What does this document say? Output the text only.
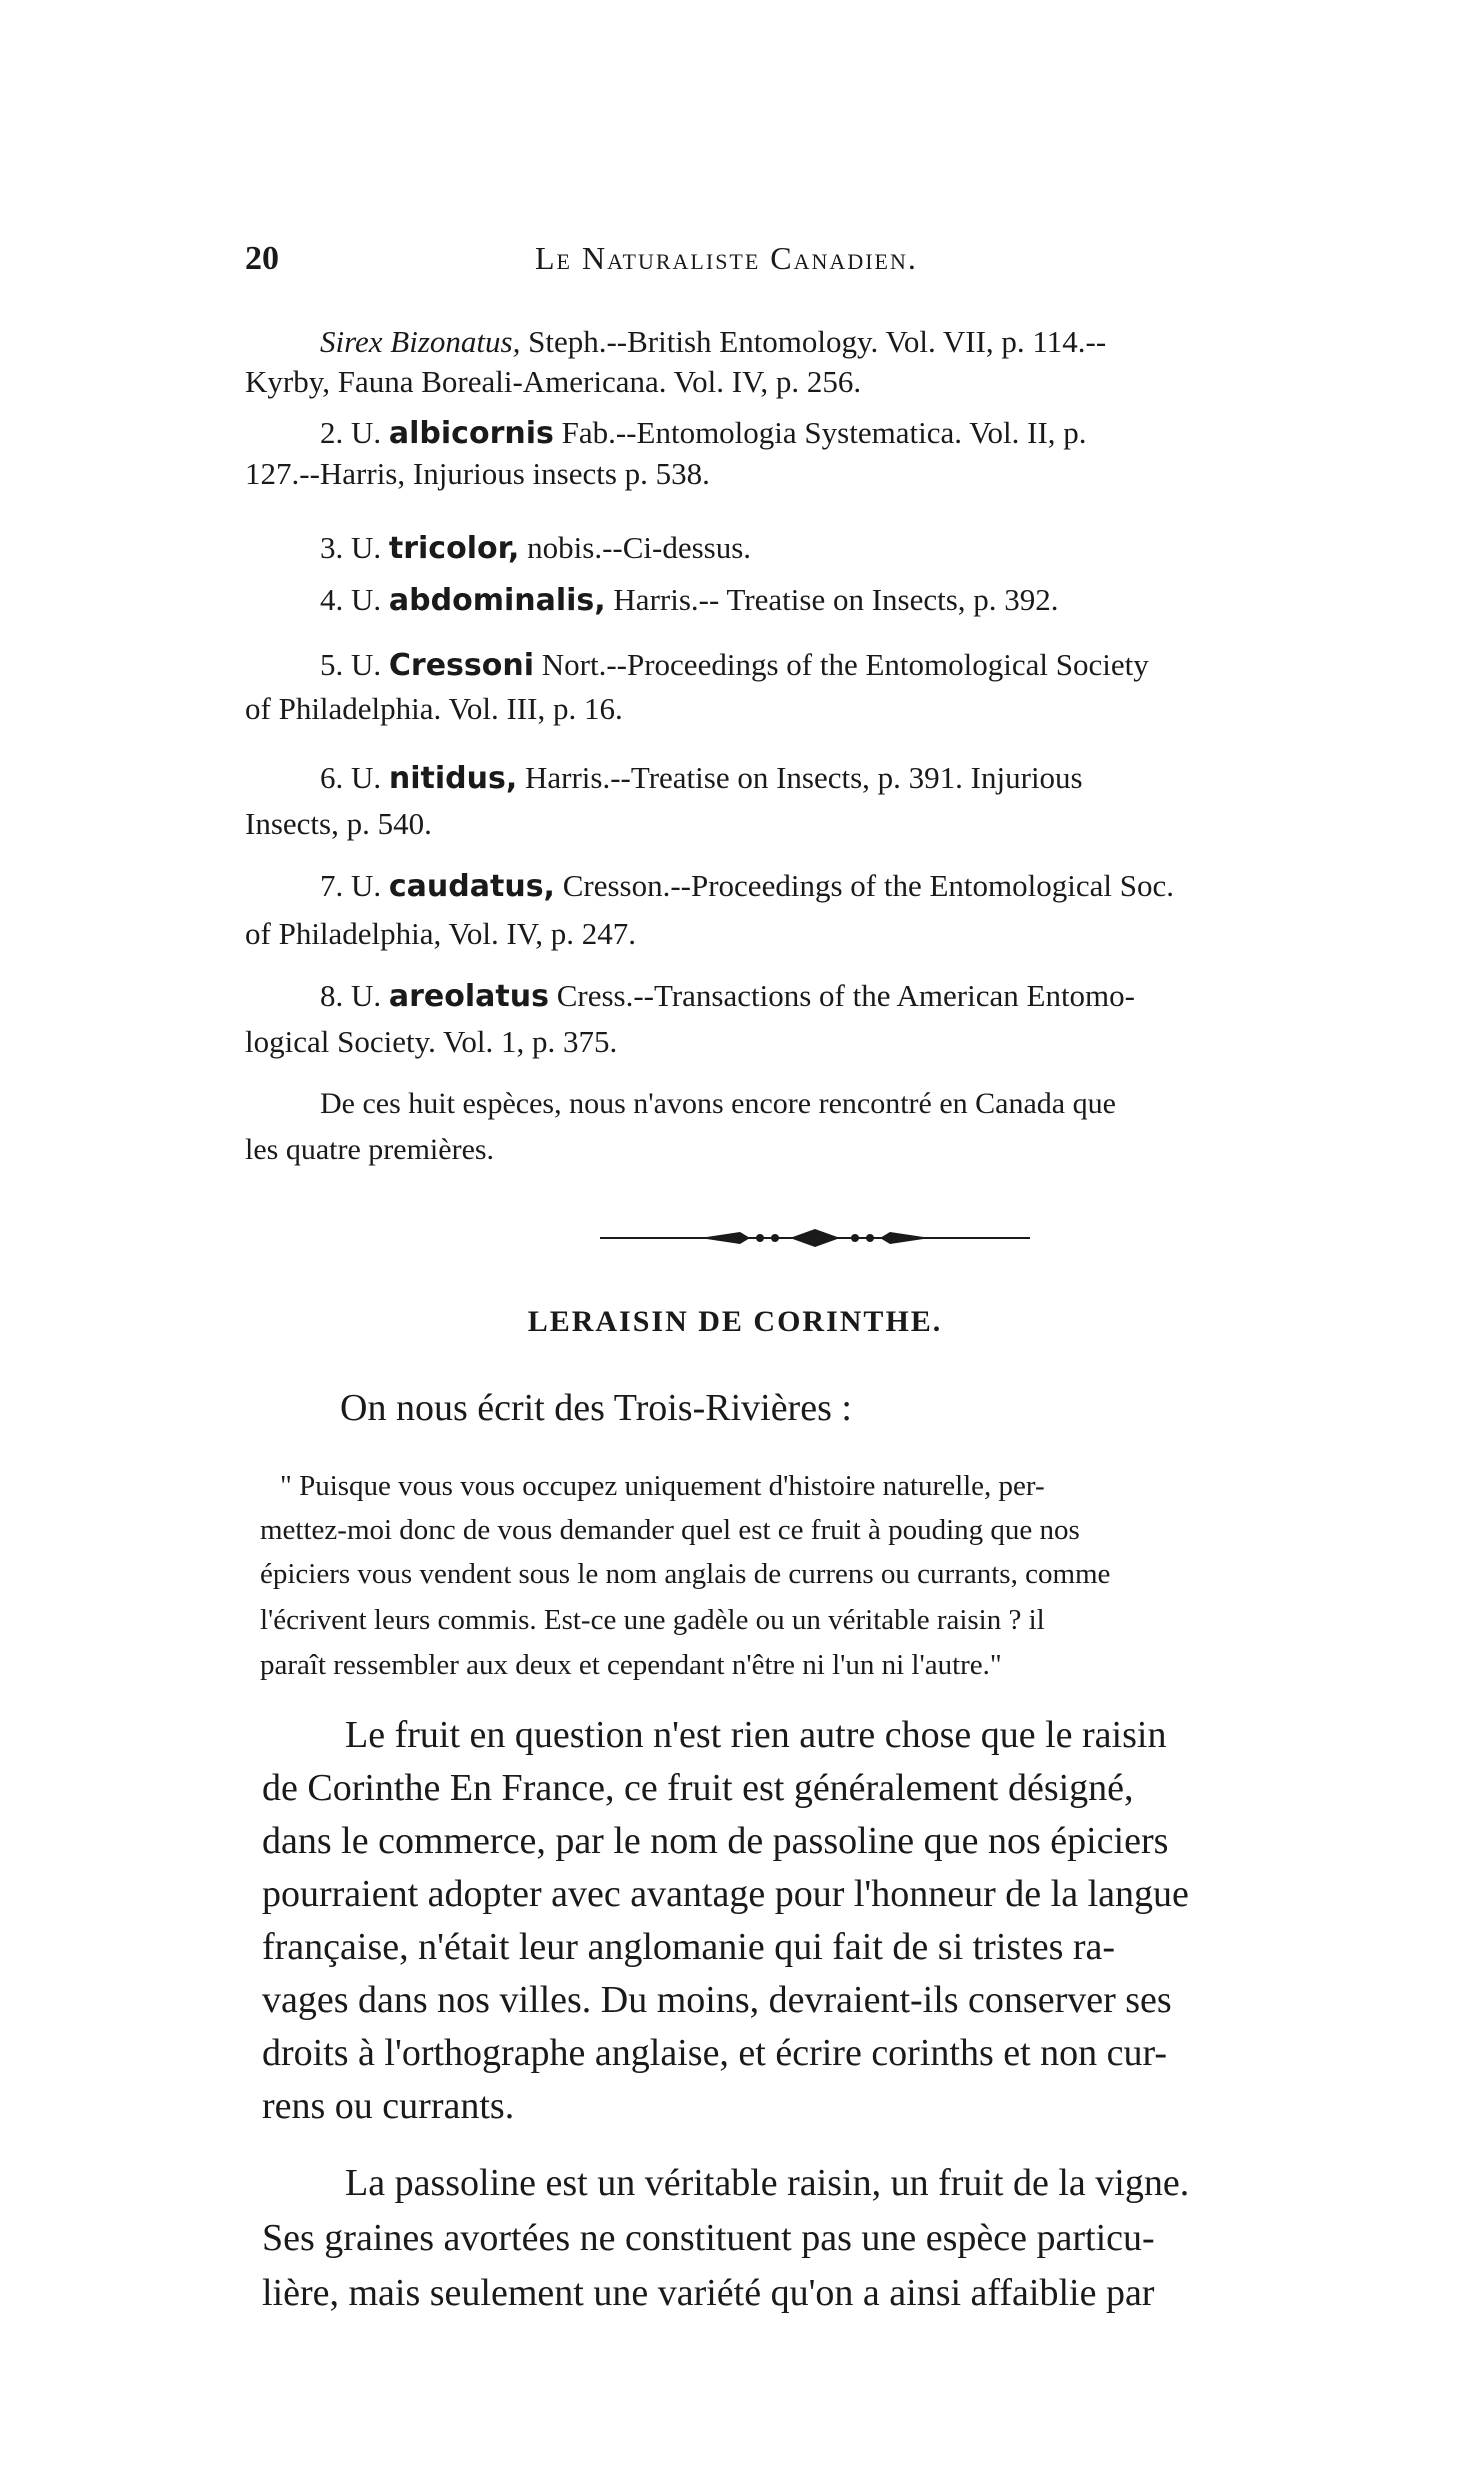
20	Le Naturaliste Canadien.
Sirex Bizonatus, Steph.--British Entomology. Vol. VII, p. 114.--
Kyrby, Fauna Boreali-Americana. Vol. IV, p. 256.
2. U. albicornis Fab.--Entomologia Systematica. Vol. II, p.
127.--Harris, Injurious insects p. 538.
3. U. tricolor, nobis.--Ci-dessus.
4. U. abdominalis, Harris.-- Treatise on Insects, p. 392.
5. U. Cressoni Nort.--Proceedings of the Entomological Society
of Philadelphia. Vol. III, p. 16.
6. U. nitidus, Harris.--Treatise on Insects, p. 391. Injurious
Insects, p. 540.
7. U. caudatus, Cresson.--Proceedings of the Entomological Soc.
of Philadelphia, Vol. IV, p. 247.
8. U. areolatus Cress.--Transactions of the American Entomo-
logical Society. Vol. 1, p. 375.
De ces huit espèces, nous n'avons encore rencontré en Canada que
les quatre premières.
LERAISIN DE CORINTHE.
On nous écrit des Trois-Rivières :
" Puisque vous vous occupez uniquement d'histoire naturelle, per-
mettez-moi donc de vous demander quel est ce fruit à pouding que nos
épiciers vous vendent sous le nom anglais de currens ou currants, comme
l'écrivent leurs commis. Est-ce une gadèle ou un véritable raisin ? il
paraît ressembler aux deux et cependant n'être ni l'un ni l'autre."
Le fruit en question n'est rien autre chose que le raisin
de Corinthe En France, ce fruit est généralement désigné,
dans le commerce, par le nom de passoline que nos épiciers
pourraient adopter avec avantage pour l'honneur de la langue
française, n'était leur anglomanie qui fait de si tristes ra-
vages dans nos villes. Du moins, devraient-ils conserver ses
droits à l'orthographe anglaise, et écrire corinths et non cur-
rens ou currants.
La passoline est un véritable raisin, un fruit de la vigne.
Ses graines avortées ne constituent pas une espèce particu-
lière, mais seulement une variété qu'on a ainsi affaiblie par
